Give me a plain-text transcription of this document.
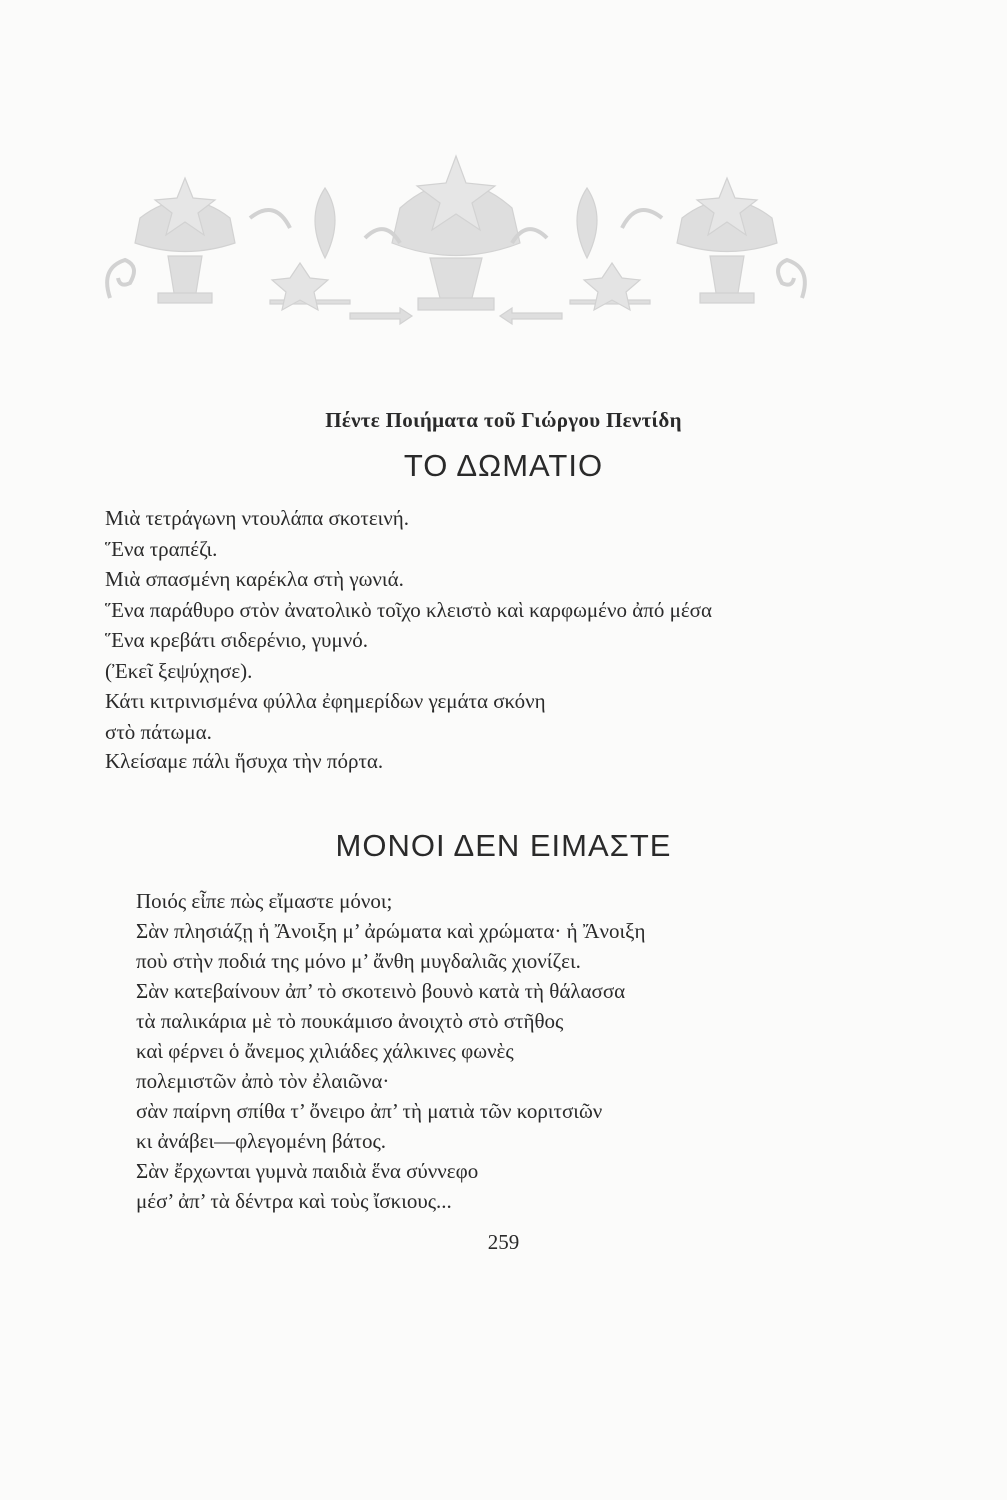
Πέντε Ποιήματα τοῦ Γιώργου Πεντίδη
ΤΟ ΔΩΜΑΤΙΟ
Μιὰ τετράγωνη ντουλάπα σκοτεινή.
Ἕνα τραπέζι.
Μιὰ σπασμένη καρέκλα στὴ γωνιά.
Ἕνα παράθυρο στὸν ἀνατολικὸ τοῖχο κλειστὸ καὶ καρφωμένο ἀπό μέσα
Ἕνα κρεβάτι σιδερένιο, γυμνό.
(Ἐκεῖ ξεψύχησε).
Κάτι κιτρινισμένα φύλλα ἐφημερίδων γεμάτα σκόνη
στὸ πάτωμα.
Κλείσαμε πάλι ἥσυχα τὴν πόρτα.
ΜΟΝΟΙ ΔΕΝ ΕΙΜΑΣΤΕ
Ποιός εἶπε πὼς εἴμαστε μόνοι;
Σὰν πλησιάζῃ ἡ Ἄνοιξη μ’ ἀρώματα καὶ χρώματα· ἡ Ἄνοιξη
ποὺ στὴν ποδιά της μόνο μ’ ἄνθη μυγδαλιᾶς χιονίζει.
Σὰν κατεβαίνουν ἀπ’ τὸ σκοτεινὸ βουνὸ κατὰ τὴ θάλασσα
τὰ παλικάρια μὲ τὸ πουκάμισο ἀνοιχτὸ στὸ στῆθος
καὶ φέρνει ὁ ἄνεμος χιλιάδες χάλκινες φωνὲς
πολεμιστῶν ἀπὸ τὸν ἐλαιῶνα·
σὰν παίρνη σπίθα τ’ ὄνειρο ἀπ’ τὴ ματιὰ τῶν κοριτσιῶν
κι ἀνάβει—φλεγομένη βάτος.
Σὰν ἔρχωνται γυμνὰ παιδιὰ ἕνα σύννεφο
μέσ’ ἀπ’ τὰ δέντρα καὶ τοὺς ἴσκιους...
259
